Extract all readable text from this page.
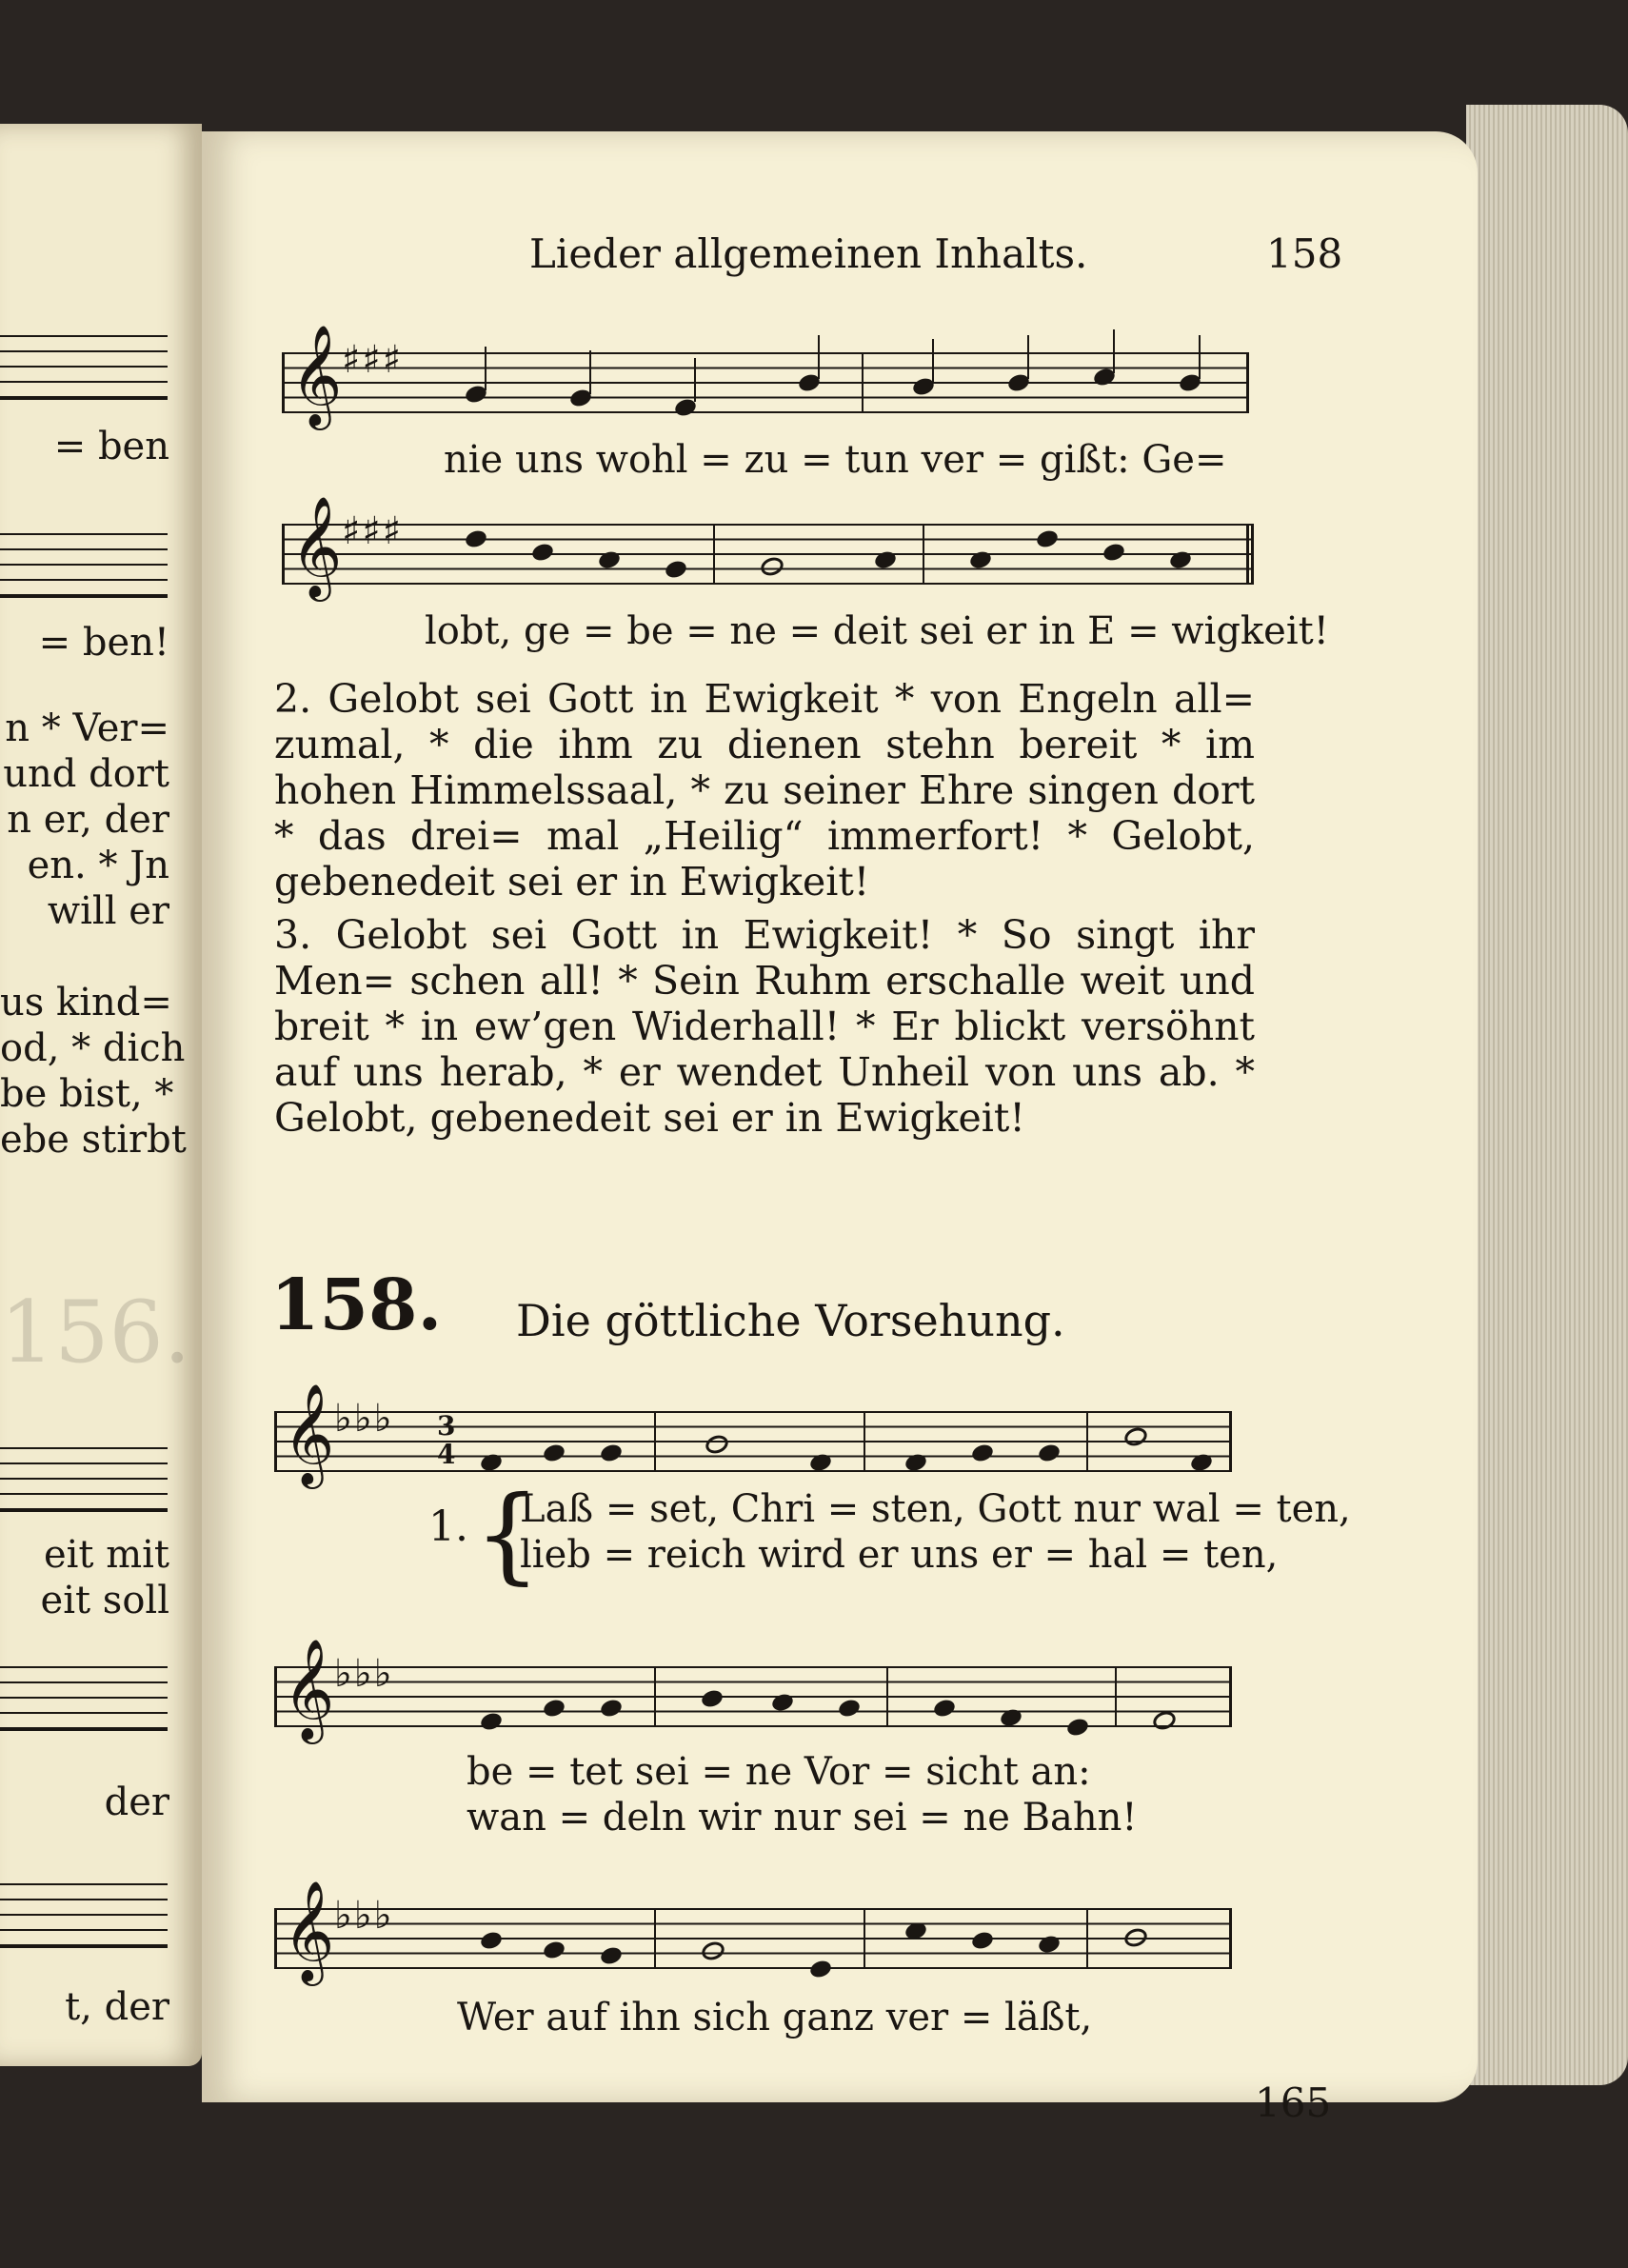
= ben
= ben!
n * Ver=
und dort
n er, der
en. * Jn
will er
us kind=
od, * dich
be bist, *
ebe stirbt
156.
eit mit
eit soll
der
t, der
Lieder allgemeinen Inhalts.	158
𝄞 ♯♯♯
nie uns wohl = zu = tun ver = gißt: Ge=
𝄞 ♯♯♯
lobt, ge = be = ne = deit sei er in E = wigkeit!

2. Gelobt sei Gott in Ewigkeit * von Engeln all= zumal, * die ihm zu dienen stehn bereit * im hohen Himmelssaal, * zu seiner Ehre singen dort * das drei= mal „Heilig“ immerfort! * Gelobt, gebenedeit sei er in Ewigkeit!

3. Gelobt sei Gott in Ewigkeit! * So singt ihr Men= schen all! * Sein Ruhm erschalle weit und breit * in ew’gen Widerhall! * Er blickt versöhnt auf uns herab, * er wendet Unheil von uns ab. * Gelobt, gebenedeit sei er in Ewigkeit!

158. Die göttliche Vorsehung.
𝄞 ♭♭♭ 3
4
1. {
Laß = set, Chri = sten, Gott nur wal = ten,
lieb = reich wird er uns er = hal = ten,
𝄞 ♭♭♭
be = tet sei = ne Vor = sicht an:
wan = deln wir nur sei = ne Bahn!
𝄞 ♭♭♭
Wer auf ihn sich ganz ver = läßt,
165
